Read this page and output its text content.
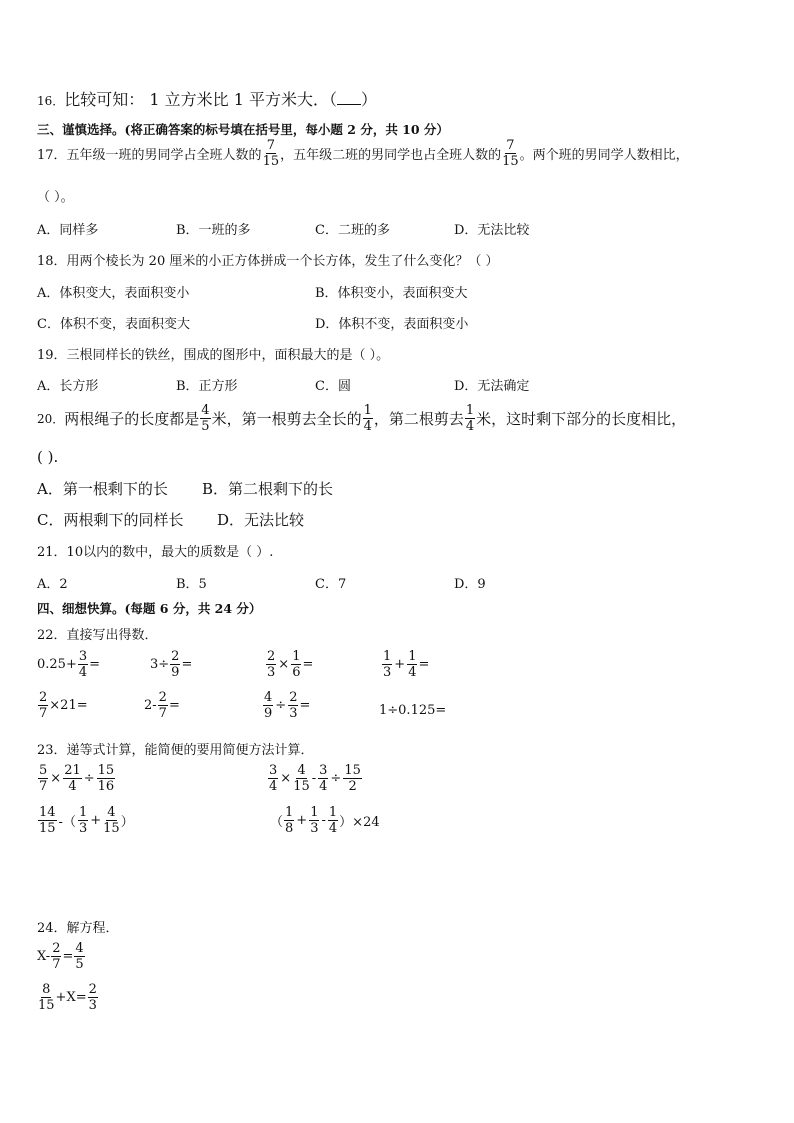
16．比较可知： 1 立方米比 1 平方米大．（ ）
三、谨慎选择。(将正确答案的标号填在括号里，每小题 2 分，共 10 分）
17． 五年级一班的男同学占全班人数的 $\frac{7}{15}$ ，五年级二班的男同学也占全班人数的 $\frac{7}{15}$ 。两个班的男同学人数相比，
（ ）。
A．同样多	B．一班的多	C．二班的多	D．无法比较
18．用两个棱长为 20 厘米的小正方体拼成一个长方体，发生了什么变化？（ ）
A．体积变大，表面积变小	B．体积变小，表面积变大
C．体积不变，表面积变大	D．体积不变，表面积变小
19．三根同样长的铁丝，围成的图形中，面积最大的是（ ）。
A．长方形	B．正方形	C．圆	D．无法确定
20． 两根绳子的长度都是 $\frac{4}{5}$ 米，第一根剪去全长的 $\frac{1}{4}$ ，第二根剪去 $\frac{1}{4}$ 米，这时剩下部分的长度相比，
( ).
A．第一根剩下的长 B．第二根剩下的长
C．两根剩下的同样长 D．无法比较
21．10以内的数中，最大的质数是（ ）.
A．2	B．5	C．7	D．9
四、细想快算。(每题 6 分，共 24 分）
22．直接写出得数．
$0.25+ \frac{3}{4}$ =	$3\div \frac{2}{9}$ =	$\frac{2}{3} \times \frac{1}{6}$ =	$\frac{1}{3} + \frac{1}{4}$ =
$\frac{2}{7} \times 21=$	$2- \frac{2}{7}$ =	$\frac{4}{9} \div \frac{2}{3}$ =	1÷0.125=
23．递等式计算，能简便的要用简便方法计算．
$\frac{5}{7} \times \frac{21}{4} \div \frac{15}{16}$	$\frac{3}{4} \times \frac{4}{15} - \frac{3}{4} \div \frac{15}{2}$
$\frac{14}{15}$ -（ $\frac{1}{3} + \frac{4}{15}$ ）	（ $\frac{1}{8} + \frac{1}{3} - \frac{1}{4} )\times 24$
24．解方程．
$X- \frac{2}{7} = \frac{4}{5}$
$\frac{8}{15} +X= \frac{2}{3}$
